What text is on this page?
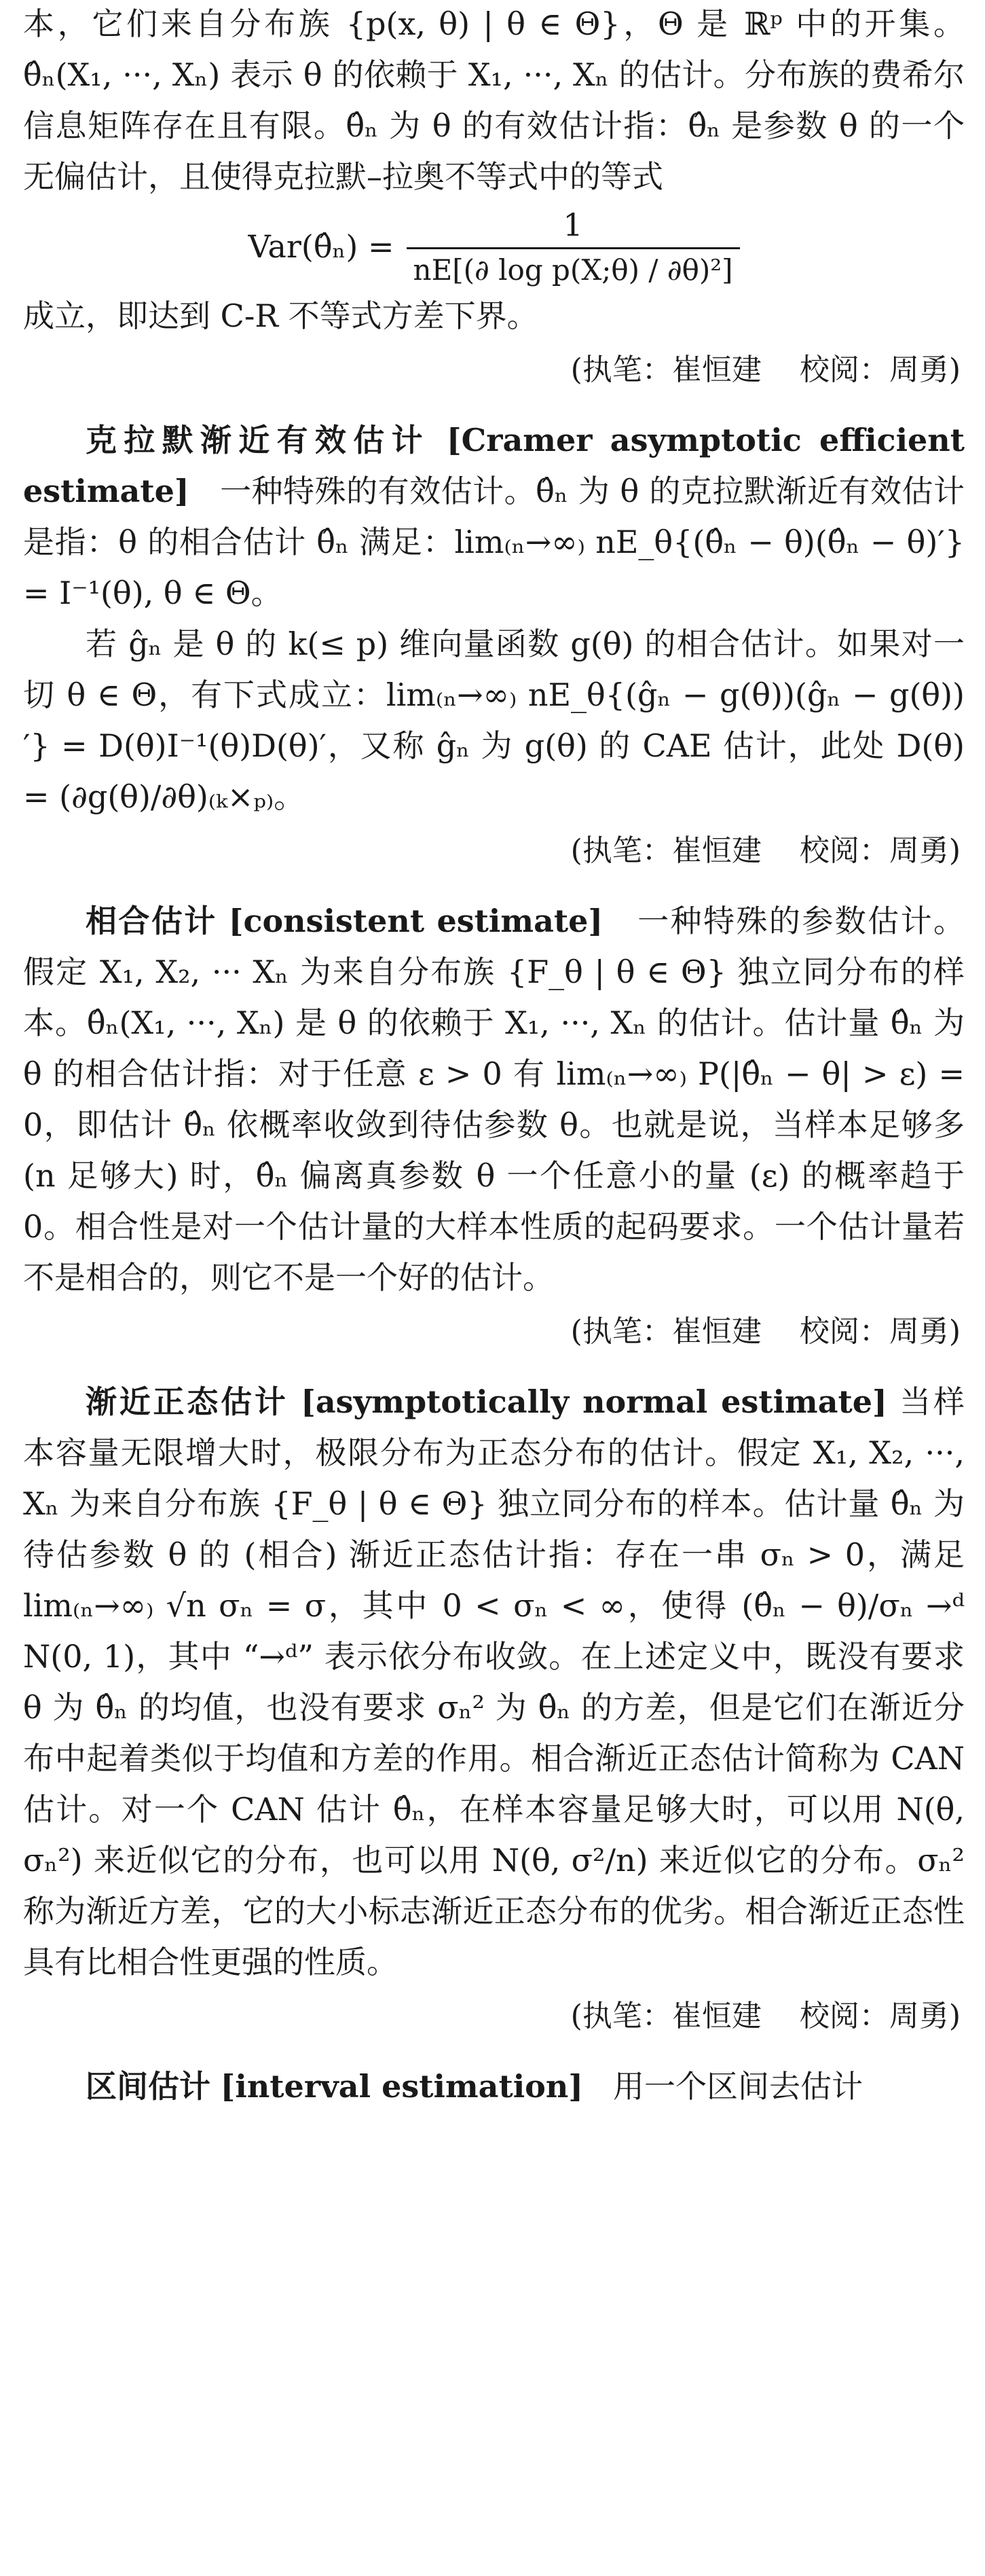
本，它们来自分布族 {p(x, θ) | θ ∈ Θ}，Θ 是 ℝᵖ 中的开集。θ̂ₙ(X₁, ···, Xₙ) 表示 θ 的依赖于 X₁, ···, Xₙ 的估计。分布族的费希尔信息矩阵存在且有限。θ̂ₙ 为 θ 的有效估计指：θ̂ₙ 是参数 θ 的一个无偏估计，且使得克拉默–拉奥不等式中的等式

Var(θ̂ₙ) = $\frac{1}{\text{nE[(∂ log p(X;θ) / ∂θ)²]}}$

成立，即达到 C-R 不等式方差下界。

(执笔：崔恒建 校阅：周勇)

克拉默渐近有效估计 [Cramer asymptotic efficient estimate] 一种特殊的有效估计。θ̂ₙ 为 θ 的克拉默渐近有效估计是指：θ 的相合估计 θ̂ₙ 满足：lim₍ₙ→∞₎ nE_θ{(θ̂ₙ − θ)(θ̂ₙ − θ)′} = I⁻¹(θ), θ ∈ Θ。

若 ĝₙ 是 θ 的 k(≤ p) 维向量函数 g(θ) 的相合估计。如果对一切 θ ∈ Θ，有下式成立：lim₍ₙ→∞₎ nE_θ{(ĝₙ − g(θ))(ĝₙ − g(θ))′} = D(θ)I⁻¹(θ)D(θ)′，又称 ĝₙ 为 g(θ) 的 CAE 估计，此处 D(θ) = (∂g(θ)/∂θ)₍ₖ×ₚ₎。

(执笔：崔恒建 校阅：周勇)

相合估计 [consistent estimate] 一种特殊的参数估计。假定 X₁, X₂, ··· Xₙ 为来自分布族 {F_θ | θ ∈ Θ} 独立同分布的样本。θ̂ₙ(X₁, ···, Xₙ) 是 θ 的依赖于 X₁, ···, Xₙ 的估计。估计量 θ̂ₙ 为 θ 的相合估计指：对于任意 ε > 0 有 lim₍ₙ→∞₎ P(|θ̂ₙ − θ| > ε) = 0，即估计 θ̂ₙ 依概率收敛到待估参数 θ。也就是说，当样本足够多 (n 足够大) 时，θ̂ₙ 偏离真参数 θ 一个任意小的量 (ε) 的概率趋于 0。相合性是对一个估计量的大样本性质的起码要求。一个估计量若不是相合的，则它不是一个好的估计。

(执笔：崔恒建 校阅：周勇)

渐近正态估计 [asymptotically normal estimate] 当样本容量无限增大时，极限分布为正态分布的估计。假定 X₁, X₂, ···, Xₙ 为来自分布族 {F_θ | θ ∈ Θ} 独立同分布的样本。估计量 θ̂ₙ 为待估参数 θ 的 (相合) 渐近正态估计指：存在一串 σₙ > 0，满足 lim₍ₙ→∞₎ √n σₙ = σ，其中 0 < σₙ < ∞，使得 (θ̂ₙ − θ)/σₙ →ᵈ N(0, 1)，其中 “→ᵈ” 表示依分布收敛。在上述定义中，既没有要求 θ 为 θ̂ₙ 的均值，也没有要求 σₙ² 为 θ̂ₙ 的方差，但是它们在渐近分布中起着类似于均值和方差的作用。相合渐近正态估计简称为 CAN 估计。对一个 CAN 估计 θ̂ₙ，在样本容量足够大时，可以用 N(θ, σₙ²) 来近似它的分布，也可以用 N(θ, σ²/n) 来近似它的分布。σₙ² 称为渐近方差，它的大小标志渐近正态分布的优劣。相合渐近正态性具有比相合性更强的性质。

(执笔：崔恒建 校阅：周勇)

区间估计 [interval estimation] 用一个区间去估计
